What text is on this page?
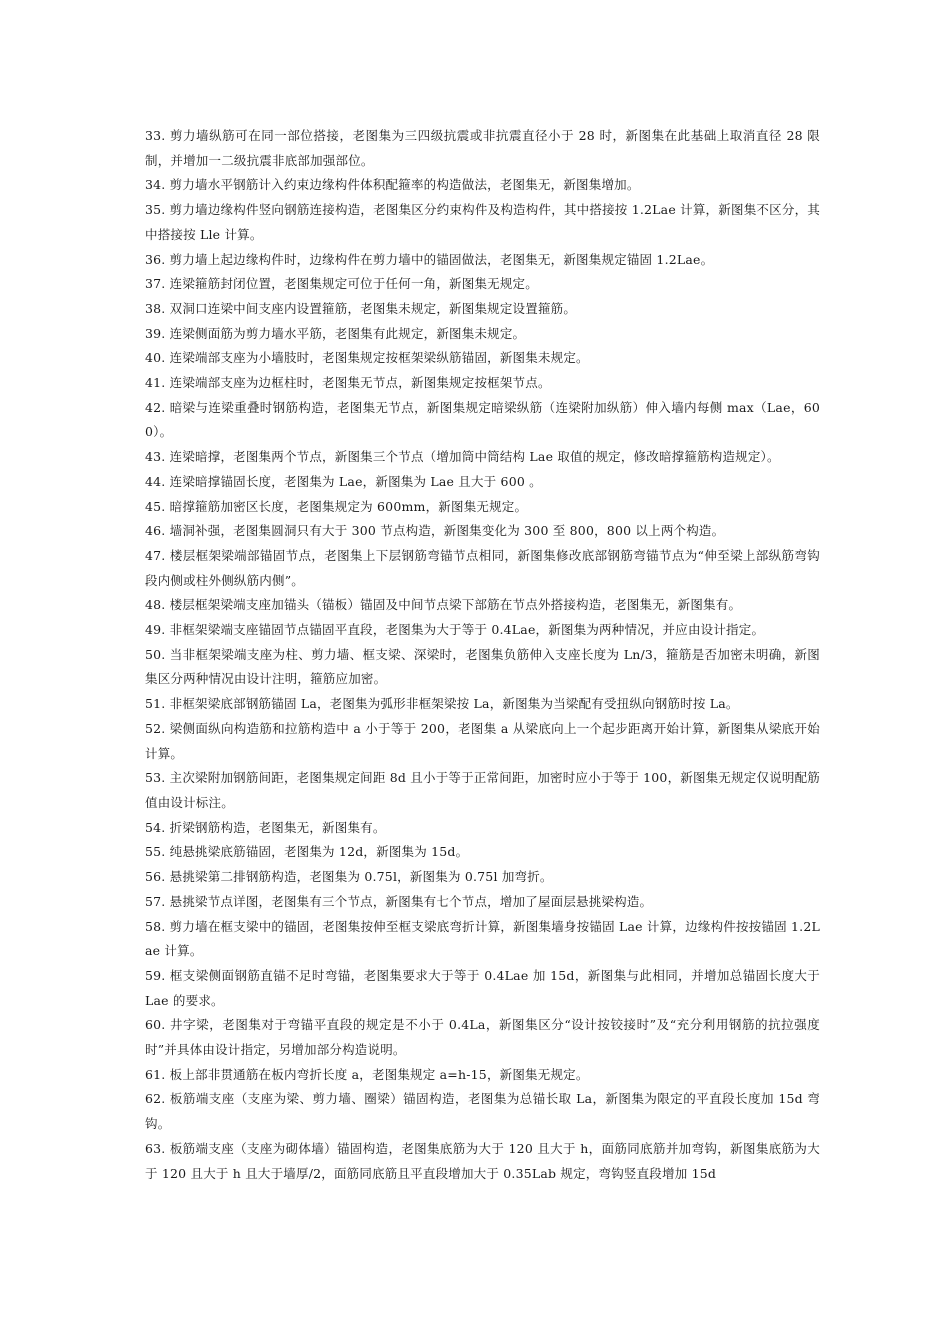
33. 剪力墙纵筋可在同一部位搭接，老图集为三四级抗震或非抗震直径小于 28 时，新图集在此基础上取消直径 28 限制，并增加一二级抗震非底部加强部位。

34. 剪力墙水平钢筋计入约束边缘构件体积配箍率的构造做法，老图集无，新图集增加。

35. 剪力墙边缘构件竖向钢筋连接构造，老图集区分约束构件及构造构件，其中搭接按 1.2Lae 计算，新图集不区分，其中搭接按 Lle 计算。

36. 剪力墙上起边缘构件时，边缘构件在剪力墙中的锚固做法，老图集无，新图集规定锚固 1.2Lae。

37. 连梁箍筋封闭位置，老图集规定可位于任何一角，新图集无规定。

38. 双洞口连梁中间支座内设置箍筋，老图集未规定，新图集规定设置箍筋。

39. 连梁侧面筋为剪力墙水平筋，老图集有此规定，新图集未规定。

40. 连梁端部支座为小墙肢时，老图集规定按框架梁纵筋锚固，新图集未规定。

41. 连梁端部支座为边框柱时，老图集无节点，新图集规定按框架节点。

42. 暗梁与连梁重叠时钢筋构造，老图集无节点，新图集规定暗梁纵筋（连梁附加纵筋）伸入墙内每侧 max（Lae，600）。

43. 连梁暗撑，老图集两个节点，新图集三个节点（增加筒中筒结构 Lae 取值的规定，修改暗撑箍筋构造规定）。

44. 连梁暗撑锚固长度，老图集为 Lae，新图集为 Lae 且大于 600 。

45. 暗撑箍筋加密区长度，老图集规定为 600mm，新图集无规定。

46. 墙洞补强，老图集圆洞只有大于 300 节点构造，新图集变化为 300 至 800，800 以上两个构造。

47. 楼层框架梁端部锚固节点，老图集上下层钢筋弯锚节点相同，新图集修改底部钢筋弯锚节点为“伸至梁上部纵筋弯钩段内侧或柱外侧纵筋内侧”。

48. 楼层框架梁端支座加锚头（锚板）锚固及中间节点梁下部筋在节点外搭接构造，老图集无，新图集有。

49. 非框架梁端支座锚固节点锚固平直段，老图集为大于等于 0.4Lae，新图集为两种情况，并应由设计指定。

50. 当非框架梁端支座为柱、剪力墙、框支梁、深梁时，老图集负筋伸入支座长度为 Ln/3，箍筋是否加密未明确，新图集区分两种情况由设计注明，箍筋应加密。

51. 非框架梁底部钢筋锚固 La，老图集为弧形非框架梁按 La，新图集为当梁配有受扭纵向钢筋时按 La。

52. 梁侧面纵向构造筋和拉筋构造中 a 小于等于 200，老图集 a 从梁底向上一个起步距离开始计算，新图集从梁底开始计算。

53. 主次梁附加钢筋间距，老图集规定间距 8d 且小于等于正常间距，加密时应小于等于 100，新图集无规定仅说明配筋值由设计标注。

54. 折梁钢筋构造，老图集无，新图集有。

55. 纯悬挑梁底筋锚固，老图集为 12d，新图集为 15d。

56. 悬挑梁第二排钢筋构造，老图集为 0.75l，新图集为 0.75l 加弯折。

57. 悬挑梁节点详图，老图集有三个节点，新图集有七个节点，增加了屋面层悬挑梁构造。

58. 剪力墙在框支梁中的锚固，老图集按伸至框支梁底弯折计算，新图集墙身按锚固 Lae 计算，边缘构件按按锚固 1.2Lae 计算。

59. 框支梁侧面钢筋直锚不足时弯锚，老图集要求大于等于 0.4Lae 加 15d，新图集与此相同，并增加总锚固长度大于 Lae 的要求。

60. 井字梁，老图集对于弯锚平直段的规定是不小于 0.4La，新图集区分“设计按铰接时”及“充分利用钢筋的抗拉强度时”并具体由设计指定，另增加部分构造说明。

61. 板上部非贯通筋在板内弯折长度 a，老图集规定 a=h-15，新图集无规定。

62. 板筋端支座（支座为梁、剪力墙、圈梁）锚固构造，老图集为总锚长取 La，新图集为限定的平直段长度加 15d 弯钩。

63. 板筋端支座（支座为砌体墙）锚固构造，老图集底筋为大于 120 且大于 h，面筋同底筋并加弯钩，新图集底筋为大于 120 且大于 h 且大于墙厚/2，面筋同底筋且平直段增加大于 0.35Lab 规定，弯钩竖直段增加 15d
